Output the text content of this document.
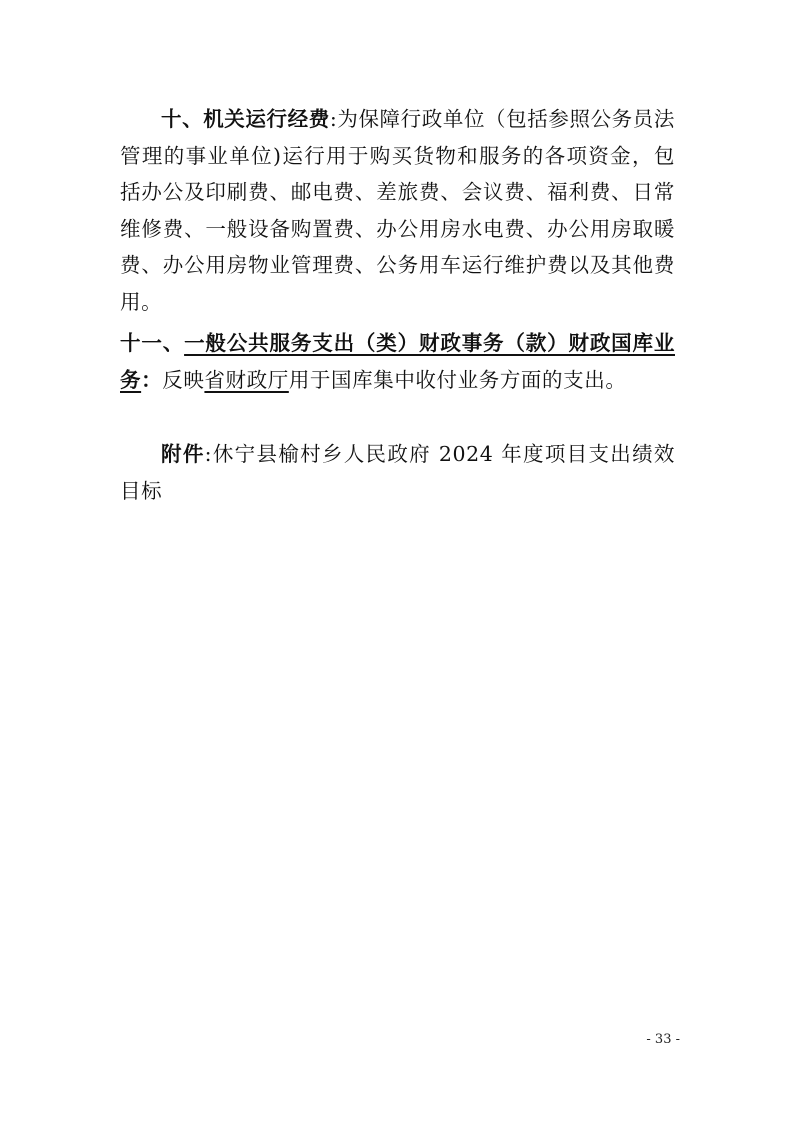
十、机关运行经费:为保障行政单位（包括参照公务员法管理的事业单位)运行用于购买货物和服务的各项资金，包括办公及印刷费、邮电费、差旅费、会议费、福利费、日常维修费、一般设备购置费、办公用房水电费、办公用房取暖费、办公用房物业管理费、公务用车运行维护费以及其他费用。

十一、一般公共服务支出（类）财政事务（款）财政国库业务：反映省财政厅用于国库集中收付业务方面的支出。

附件:休宁县榆村乡人民政府 2024 年度项目支出绩效目标

- 33 -
